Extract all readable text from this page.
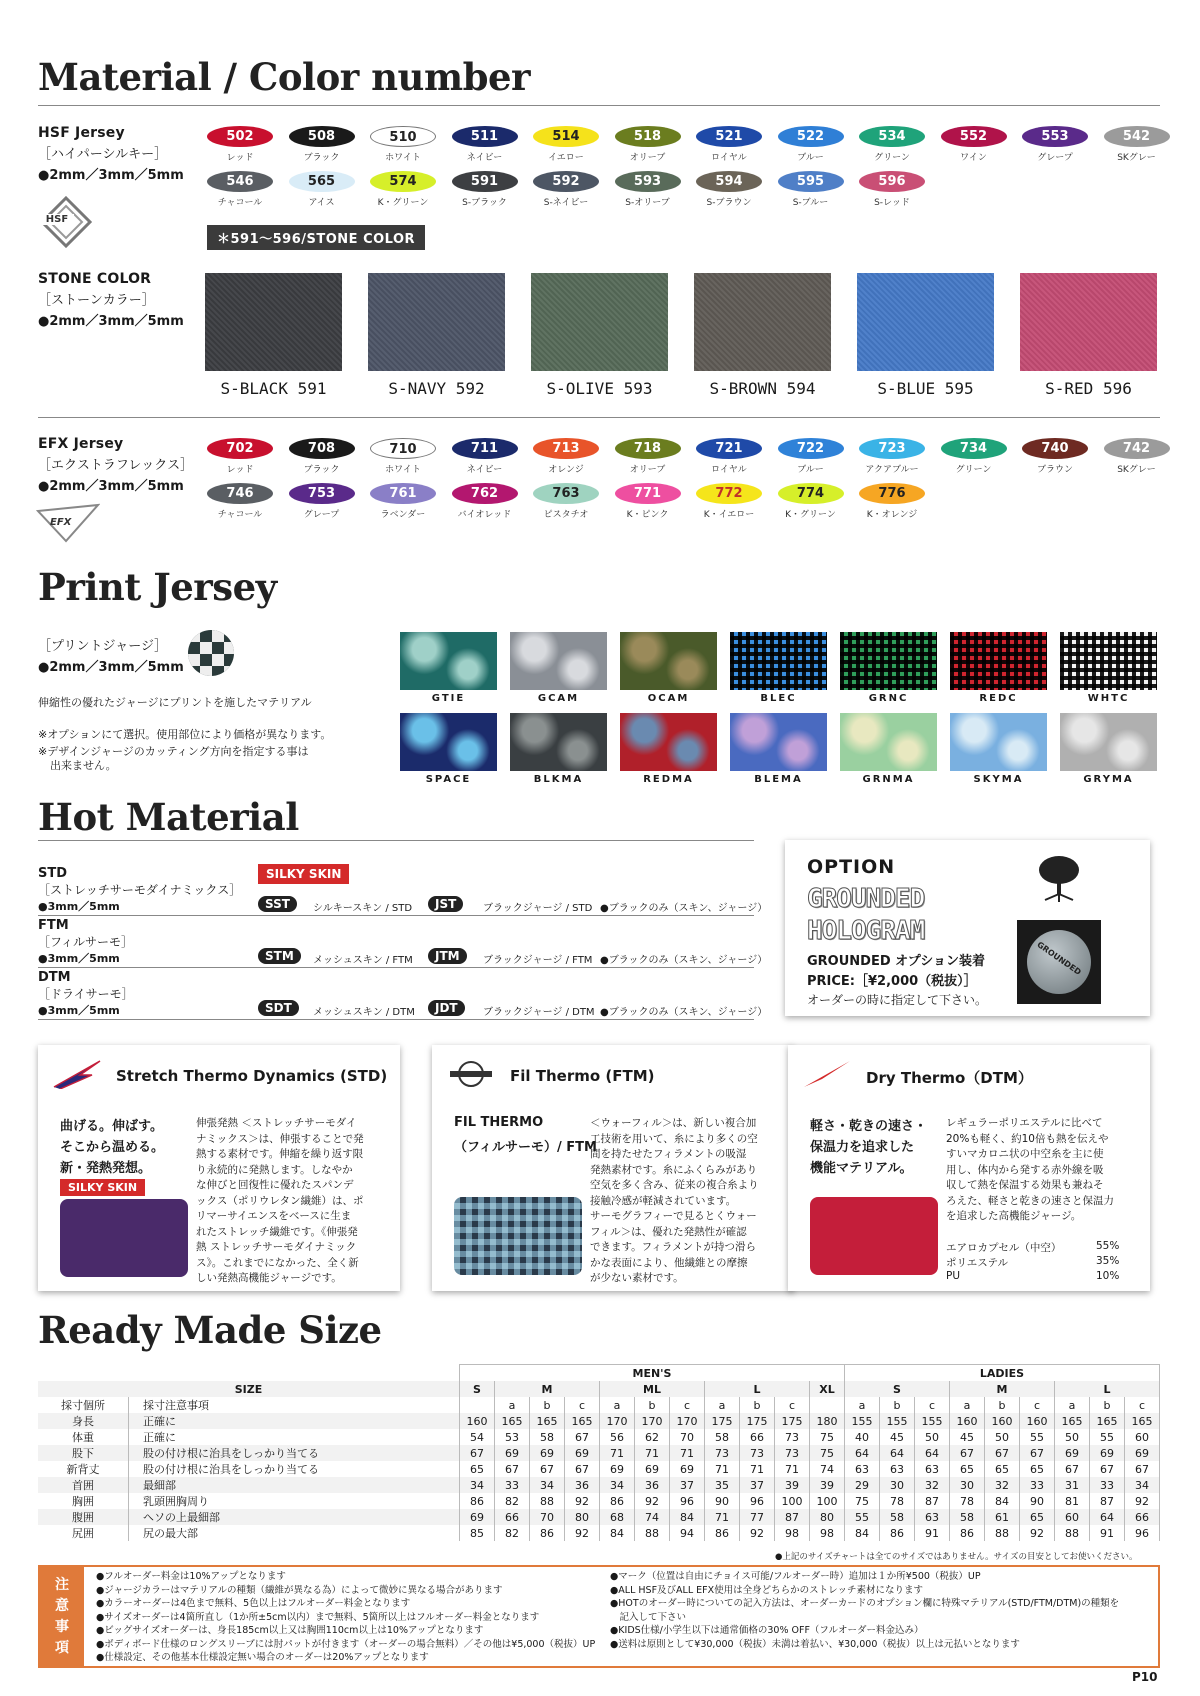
Material / Color number
HSF Jersey
［ハイパーシルキー］
●2mm／3mm／5mm
HSF
502
レッド
508
ブラック
510
ホワイト
511
ネイビー
514
イエロー
518
オリーブ
521
ロイヤル
522
ブルー
534
グリーン
552
ワイン
553
グレープ
542
SKグレー
546
チャコール
565
アイス
574
K・グリーン
591
S-ブラック
592
S-ネイビー
593
S-オリーブ
594
S-ブラウン
595
S-ブルー
596
S-レッド
＊591〜596/STONE COLOR
STONE COLOR
［ストーンカラー］
●2mm／3mm／5mm
S-BLACK 591	S-NAVY 592	S-OLIVE 593	S-BROWN 594	S-BLUE 595	S-RED 596
EFX Jersey
［エクストラフレックス］
●2mm／3mm／5mm
EFX
702
レッド
708
ブラック
710
ホワイト
711
ネイビー
713
オレンジ
718
オリーブ
721
ロイヤル
722
ブルー
723
アクアブルー
734
グリーン
740
ブラウン
742
SKグレー
746
チャコール
753
グレープ
761
ラベンダー
762
バイオレッド
763
ピスタチオ
771
K・ピンク
772
K・イエロー
774
K・グリーン
776
K・オレンジ
Print Jersey
［プリントジャージ］
●2mm／3mm／5mm
伸縮性の優れたジャージにプリントを施したマテリアル
※オプションにて選択。使用部位により価格が異なります。
※デザインジャージのカッティング方向を指定する事は
出来ません。
GTIE	GCAM	OCAM	BLEC	GRNC	REDC	WHTC
SPACE	BLKMA	REDMA	BLEMA	GRNMA	SKYMA	GRYMA
Hot Material
SILKY SKIN
STD
［ストレッチサーモダイナミックス］
●3mm／5mm	SST	シルキースキン / STD	JST	ブラックジャージ / STD ●ブラックのみ（スキン、ジャージ）
FTM
［フィルサーモ］
●3mm／5mm	STM	メッシュスキン / FTM	JTM	ブラックジャージ / FTM ●ブラックのみ（スキン、ジャージ）
DTM
［ドライサーモ］
●3mm／5mm	SDT	メッシュスキン / DTM	JDT	ブラックジャージ / DTM ●ブラックのみ（スキン、ジャージ）
OPTION
GROUNDED
HOLOGRAM
GROUNDED オプション装着
PRICE:［¥2,000（税抜）］
オーダーの時に指定して下さい。
GROUNDED
Stretch Thermo Dynamics (STD)
曲げる。伸ばす。
そこから温める。
新・発熱発想。
SILKY SKIN
伸張発熱 ＜ストレッチサーモダイ
ナミックス＞は、伸張することで発
熱する素材です。伸縮を繰り返す限
り永続的に発熱します。しなやか
な伸びと回復性に優れたスパンデ
ックス（ポリウレタン繊維）は、ポ
リマーサイエンスをベースに生ま
れたストレッチ繊維です。《伸張発
熱 ストレッチサーモダイナミック
ス》。これまでになかった、全く新
しい発熱高機能ジャージです。
Fil Thermo (FTM)
FIL THERMO
（フィルサーモ）/ FTM
＜ウォーフィル＞は、新しい複合加
工技術を用いて、糸により多くの空
間を持たせたフィラメントの吸湿
発熱素材です。糸にふくらみがあり
空気を多く含み、従来の複合糸より
接触冷感が軽減されています。
サーモグラフィーで見るとくウォー
フィル＞は、優れた発熱性が確認
できます。フィラメントが持つ滑ら
かな表面により、他繊維との摩擦
が少ない素材です。
Dry Thermo（DTM）
軽さ・乾きの速さ・
保温力を追求した
機能マテリアル。
レギュラーポリエステルに比べて
20%も軽く、約10倍も熱を伝えや
すいマカロニ状の中空糸を主に使
用し、体内から発する赤外線を吸
収して熱を保温する効果も兼ねそ
ろえた、軽さと乾きの速さと保温力
を追求した高機能ジャージ。
エアロカプセル（中空）	55%
ポリエステル	35%
PU	10%
Ready Made Size
		MEN'S											LADIES								
SIZE		S	M			ML			L			XL	S			M			L		
採寸個所	採寸注意事項		a	b	c	a	b	c	a	b	c		a	b	c	a	b	c	a	b	c
身長	正確に	160	165	165	165	170	170	170	175	175	175	180	155	155	155	160	160	160	165	165	165
体重	正確に	54	53	58	67	56	62	70	58	66	73	75	40	45	50	45	50	55	50	55	60
股下	股の付け根に治具をしっかり当てる	67	69	69	69	71	71	71	73	73	73	75	64	64	64	67	67	67	69	69	69
新背丈	股の付け根に治具をしっかり当てる	65	67	67	67	69	69	69	71	71	71	74	63	63	63	65	65	65	67	67	67
首囲	最細部	34	33	34	36	34	36	37	35	37	39	39	29	30	32	30	32	33	31	33	34
胸囲	乳頭囲胸周り	86	82	88	92	86	92	96	90	96	100	100	75	78	87	78	84	90	81	87	92
腹囲	ヘソの上最細部	69	66	70	80	68	74	84	71	77	87	80	55	58	63	58	61	65	60	64	66
尻囲	尻の最大部	85	82	86	92	84	88	94	86	92	98	98	84	86	91	86	88	92	88	91	96
●上記のサイズチャートは全てのサイズではありません。サイズの目安としてお使いください。
注
意
事
項
●フルオーダー料金は10%アップとなります
●ジャージカラーはマテリアルの種類（繊維が異なる為）によって微妙に異なる場合があります
●カラーオーダーは4色まで無料、5色以上はフルオーダー料金となります
●サイズオーダーは4箇所直し（1か所±5cm以内）まで無料、5箇所以上はフルオーダー料金となります
●ビッグサイズオーダーは、身長185cm以上又は胸囲110cm以上は10%アップとなります
●ボディボード仕様のロングスリーブには肘パットが付きます（オーダーの場合無料）／その他は¥5,000（税抜）UP
●仕様設定、その他基本仕様設定無い場合のオーダーは20%アップとなります
●マーク（位置は自由にチョイス可能/フルオーダー時）追加は１か所¥500（税抜）UP
●ALL HSF及びALL EFX使用は全身どちらかのストレッチ素材になります
●HOTのオーダー時についての記入方法は、オーダーカードのオプション欄に特殊マテリアル(STD/FTM/DTM)の種類を
　記入して下さい
●KIDS仕様/小学生以下は通常価格の30% OFF（フルオーダー料金込み）
●送料は原則として¥30,000（税抜）未満は着払い、¥30,000（税抜）以上は元払いとなります
P10
